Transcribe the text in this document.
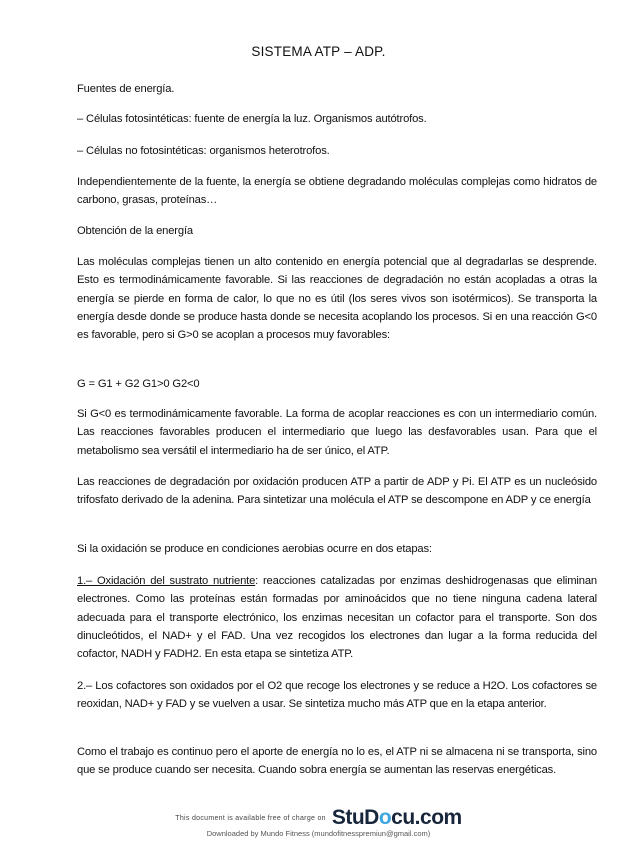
SISTEMA ATP – ADP.
Fuentes de energía.
– Células fotosintéticas: fuente de energía la luz. Organismos autótrofos.
– Células no fotosintéticas: organismos heterotrofos.
Independientemente de la fuente, la energía se obtiene degradando moléculas complejas como hidratos de carbono, grasas, proteínas…
Obtención de la energía
Las moléculas complejas tienen un alto contenido en energía potencial que al degradarlas se desprende. Esto es termodinámicamente favorable. Si las reacciones de degradación no están acopladas a otras la energía se pierde en forma de calor, lo que no es útil (los seres vivos son isotérmicos). Se transporta la energía desde donde se produce hasta donde se necesita acoplando los procesos. Si en una reacción G<0 es favorable, pero si G>0 se acoplan a procesos muy favorables:
G = G1 + G2 G1>0 G2<0
Si G<0 es termodinámicamente favorable. La forma de acoplar reacciones es con un intermediario común. Las reacciones favorables producen el intermediario que luego las desfavorables usan. Para que el metabolismo sea versátil el intermediario ha de ser único, el ATP.
Las reacciones de degradación por oxidación producen ATP a partir de ADP y Pi. El ATP es un nucleósido trifosfato derivado de la adenina. Para sintetizar una molécula el ATP se descompone en ADP y ce energía
Si la oxidación se produce en condiciones aerobias ocurre en dos etapas:
1.– Oxidación del sustrato nutriente: reacciones catalizadas por enzimas deshidrogenasas que eliminan electrones. Como las proteínas están formadas por aminoácidos que no tiene ninguna cadena lateral adecuada para el transporte electrónico, los enzimas necesitan un cofactor para el transporte. Son dos dinucleótidos, el NAD+ y el FAD. Una vez recogidos los electrones dan lugar a la forma reducida del cofactor, NADH y FADH2. En esta etapa se sintetiza ATP.
2.– Los cofactores son oxidados por el O2 que recoge los electrones y se reduce a H2O. Los cofactores se reoxidan, NAD+ y FAD y se vuelven a usar. Se sintetiza mucho más ATP que en la etapa anterior.
Como el trabajo es continuo pero el aporte de energía no lo es, el ATP ni se almacena ni se transporta, sino que se produce cuando ser necesita. Cuando sobra energía se aumentan las reservas energéticas.
This document is available free of charge on StuDocu.com
Downloaded by Mundo Fitness (mundofitnesspremiun@gmail.com)
